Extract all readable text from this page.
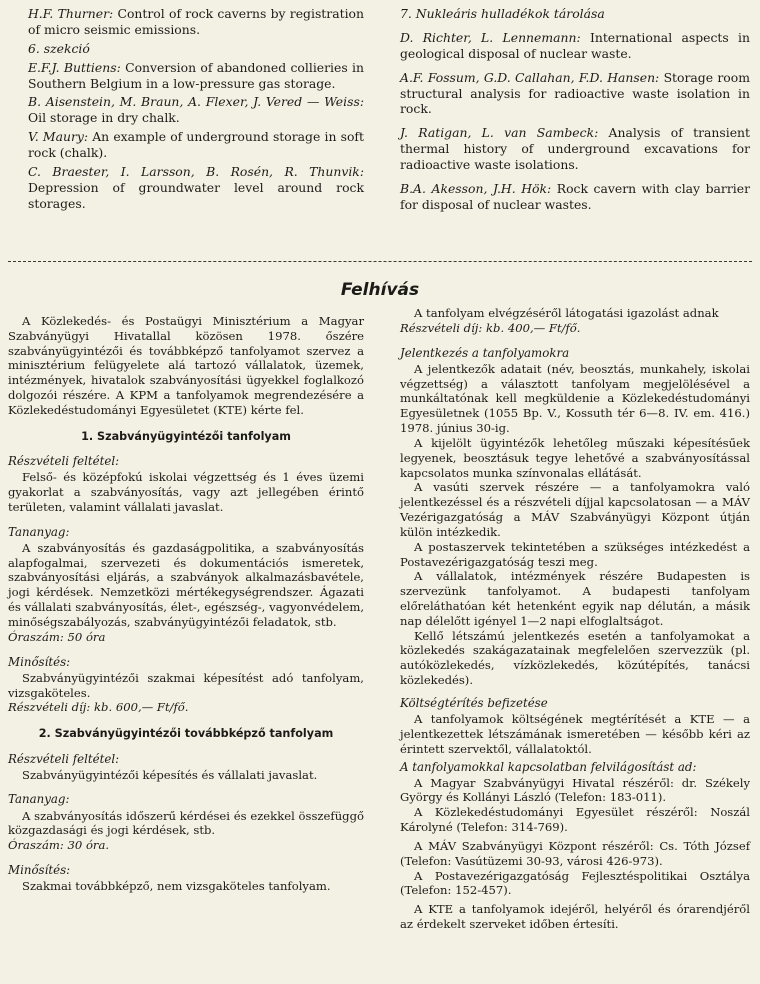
H.F. Thurner: Control of rock caverns by registration of micro seismic emissions.

6. szekció

E.F.J. Buttiens: Conversion of abandoned collieries in Southern Belgium in a low-pressure gas storage.

B. Aisenstein, M. Braun, A. Flexer, J. Vered — Weiss: Oil storage in dry chalk.

V. Maury: An example of underground storage in soft rock (chalk).

C. Braester, I. Larsson, B. Rosén, R. Thunvik: Depression of groundwater level around rock storages.

7. Nukleáris hulladékok tárolása

D. Richter, L. Lennemann: International aspects in geological disposal of nuclear waste.

A.F. Fossum, G.D. Callahan, F.D. Hansen: Storage room structural analysis for radioactive waste isolation in rock.

J. Ratigan, L. van Sambeck: Analysis of transient thermal history of underground excavations for radioactive waste isolations.

B.A. Akesson, J.H. Hök: Rock cavern with clay barrier for disposal of nuclear wastes.

Felhívás

A Közlekedés- és Postaügyi Minisztérium a Magyar Szabványügyi Hivatallal közösen 1978. őszére szabványügyintézői és továbbképző tanfolyamot szervez a minisztérium felügyelete alá tartozó vállalatok, üzemek, intézmények, hivatalok szabványosítási ügyekkel foglalkozó dolgozói részére. A KPM a tanfolyamok megrendezésére a Közlekedéstudományi Egyesületet (KTE) kérte fel.

1. Szabványügyintézői tanfolyam
Részvételi feltétel:

Felső- és középfokú iskolai végzettség és 1 éves üzemi gyakorlat a szabványosítás, vagy azt jellegében érintő területen, valamint vállalati javaslat.

Tananyag:

A szabványosítás és gazdaságpolitika, a szabványosítás alapfogalmai, szervezeti és dokumentációs ismeretek, szabványosítási eljárás, a szabványok alkalmazásbavétele, jogi kérdések. Nemzetközi mértékegységrendszer. Ágazati és vállalati szabványosítás, élet-, egészség-, vagyonvédelem, minőségszabályozás, szabványügyintézői feladatok, stb.

Óraszám: 50 óra

Minősítés:

Szabványügyintézői szakmai képesítést adó tanfolyam, vizsgaköteles.

Részvételi díj: kb. 600,— Ft/fő.

2. Szabványügyintézői továbbképző tanfolyam
Részvételi feltétel:

Szabványügyintézői képesítés és vállalati javaslat.

Tananyag:

A szabványosítás időszerű kérdései és ezekkel összefüggő közgazdasági és jogi kérdések, stb.

Óraszám: 30 óra.

Minősítés:

Szakmai továbbképző, nem vizsgaköteles tanfolyam.

A tanfolyam elvégzéséről látogatási igazolást adnak

Részvételi díj: kb. 400,— Ft/fő.

Jelentkezés a tanfolyamokra

A jelentkezők adatait (név, beosztás, munkahely, iskolai végzettség) a választott tanfolyam megjelölésével a munkáltatónak kell megküldenie a Közlekedéstudományi Egyesületnek (1055 Bp. V., Kossuth tér 6—8. IV. em. 416.) 1978. június 30-ig.

A kijelölt ügyintézők lehetőleg műszaki képesítésűek legyenek, beosztásuk tegye lehetővé a szabványosítással kapcsolatos munka színvonalas ellátását.

A vasúti szervek részére — a tanfolyamokra való jelentkezéssel és a részvételi díjjal kapcsolatosan — a MÁV Vezérigazgatóság a MÁV Szabványügyi Központ útján külön intézkedik.

A postaszervek tekintetében a szükséges intézkedést a Postavezérigazgatóság teszi meg.

A vállalatok, intézmények részére Budapesten is szervezünk tanfolyamot. A budapesti tanfolyam előreláthatóan két hetenként egyik nap délután, a másik nap délelőtt igényel 1—2 napi elfoglaltságot.

Kellő létszámú jelentkezés esetén a tanfolyamokat a közlekedés szakágazatainak megfelelően szervezzük (pl. autóközlekedés, vízközlekedés, közútépítés, tanácsi közlekedés).

Költségtérítés befizetése

A tanfolyamok költségének megtérítését a KTE — a jelentkezettek létszámának ismeretében — később kéri az érintett szervektől, vállalatoktól.

A tanfolyamokkal kapcsolatban felvilágosítást ad:

A Magyar Szabványügyi Hivatal részéről: dr. Székely György és Kollányi László (Telefon: 183-011).

A Közlekedéstudományi Egyesület részéről: Noszál Károlyné (Telefon: 314-769).

A MÁV Szabványügyi Központ részéről: Cs. Tóth József (Telefon: Vasútüzemi 30-93, városi 426-973).

A Postavezérigazgatóság Fejlesztéspolitikai Osztálya (Telefon: 152-457).

A KTE a tanfolyamok idejéről, helyéről és órarendjéről az érdekelt szerveket időben értesíti.
